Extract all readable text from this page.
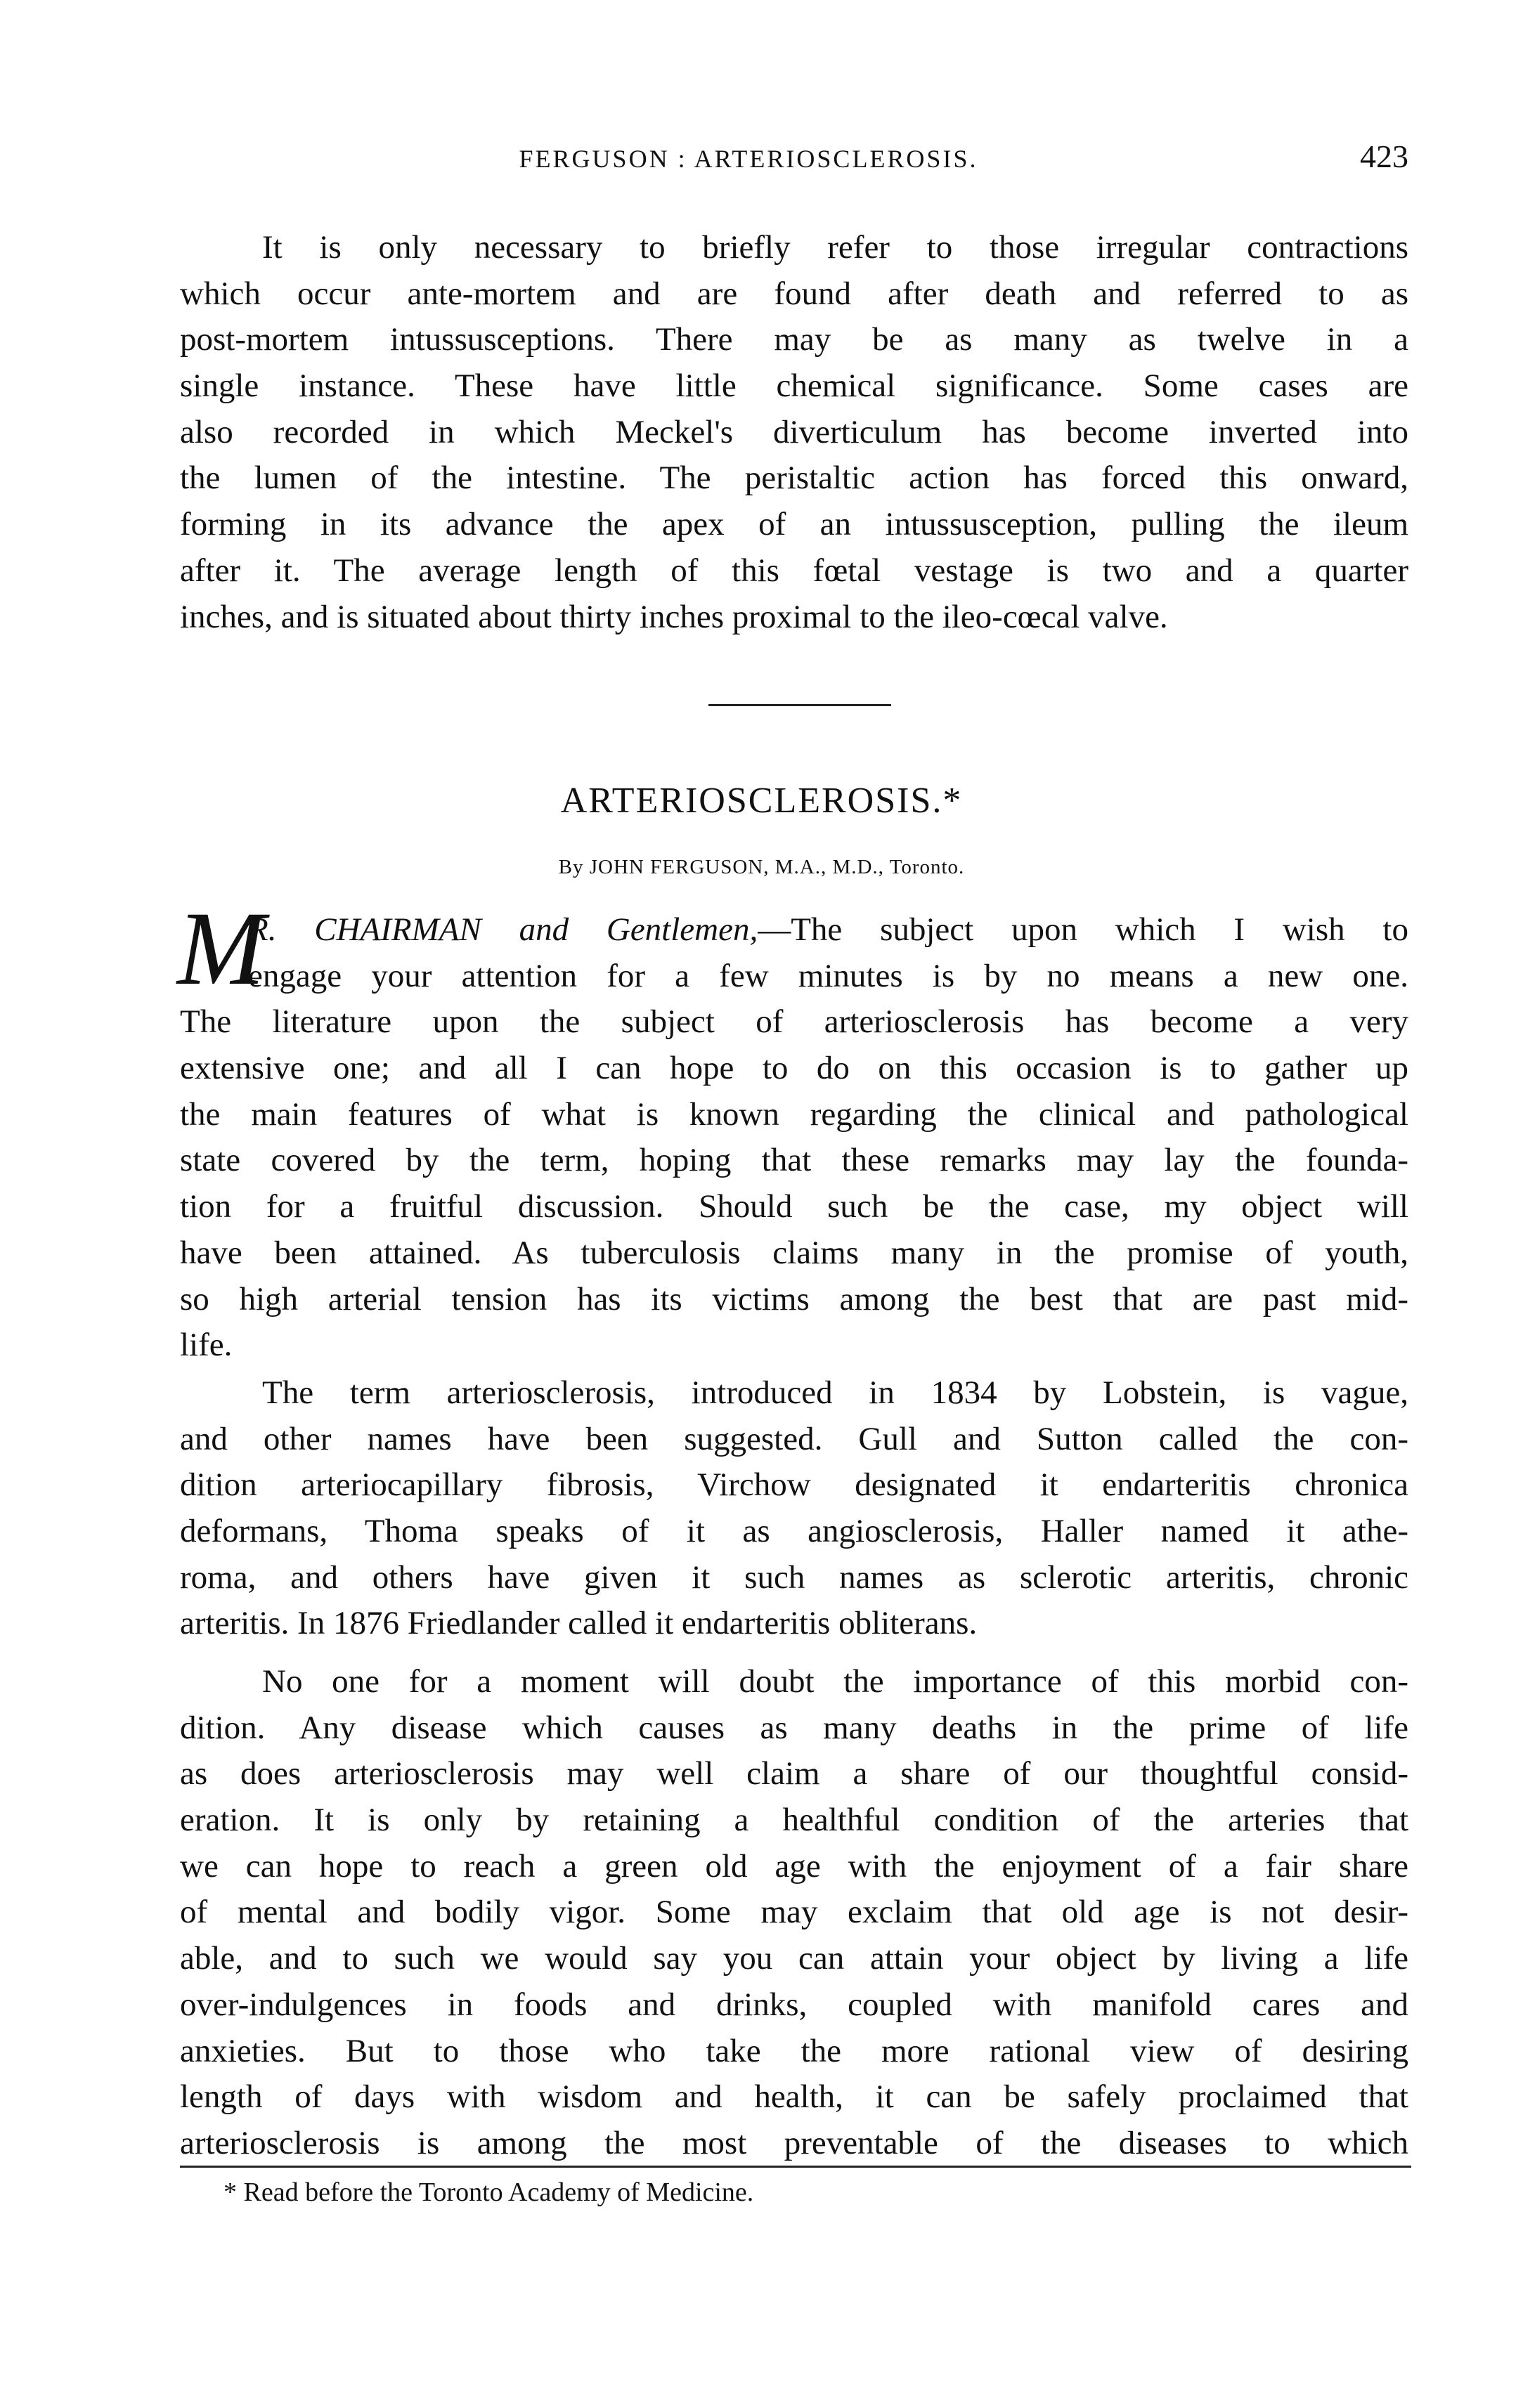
FERGUSON : ARTERIOSCLEROSIS.	423
It is only necessary to briefly refer to those irregular contractions
which occur ante-mortem and are found after death and referred to as
post-mortem intussusceptions. There may be as many as twelve in a
single instance. These have little chemical significance. Some cases are
also recorded in which Meckel's diverticulum has become inverted into
the lumen of the intestine. The peristaltic action has forced this onward,
forming in its advance the apex of an intussusception, pulling the ileum
after it. The average length of this fœtal vestage is two and a quarter
inches, and is situated about thirty inches proximal to the ileo-cœcal valve.
ARTERIOSCLEROSIS.*
By JOHN FERGUSON, M.A., M.D., Toronto.
M
R. CHAIRMAN and Gentlemen,—The subject upon which I wish to
engage your attention for a few minutes is by no means a new one.
The literature upon the subject of arteriosclerosis has become a very
extensive one; and all I can hope to do on this occasion is to gather up
the main features of what is known regarding the clinical and pathological
state covered by the term, hoping that these remarks may lay the founda-
tion for a fruitful discussion. Should such be the case, my object will
have been attained. As tuberculosis claims many in the promise of youth,
so high arterial tension has its victims among the best that are past mid-
life.
The term arteriosclerosis, introduced in 1834 by Lobstein, is vague,
and other names have been suggested. Gull and Sutton called the con-
dition arteriocapillary fibrosis, Virchow designated it endarteritis chronica
deformans, Thoma speaks of it as angiosclerosis, Haller named it athe-
roma, and others have given it such names as sclerotic arteritis, chronic
arteritis. In 1876 Friedlander called it endarteritis obliterans.
No one for a moment will doubt the importance of this morbid con-
dition. Any disease which causes as many deaths in the prime of life
as does arteriosclerosis may well claim a share of our thoughtful consid-
eration. It is only by retaining a healthful condition of the arteries that
we can hope to reach a green old age with the enjoyment of a fair share
of mental and bodily vigor. Some may exclaim that old age is not desir-
able, and to such we would say you can attain your object by living a life
over-indulgences in foods and drinks, coupled with manifold cares and
anxieties. But to those who take the more rational view of desiring
length of days with wisdom and health, it can be safely proclaimed that
arteriosclerosis is among the most preventable of the diseases to which
* Read before the Toronto Academy of Medicine.
